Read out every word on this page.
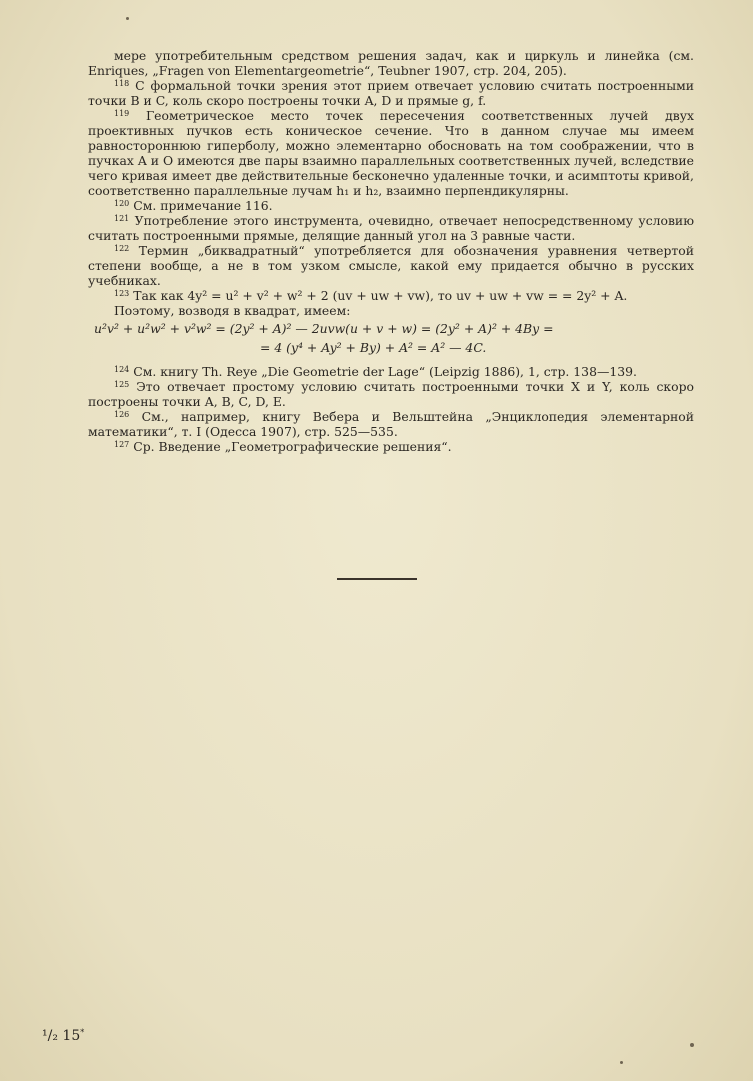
мере употребительным средством решения задач, как и циркуль и линейка (см. Enriques, „Fragen von Elementargeometrie“, Teubner 1907, стр. 204, 205).

$^{118}$ С формальной точки зрения этот прием отвечает условию считать построенными точки B и C, коль скоро построены точки A, D и прямые g, f.

$^{119}$ Геометрическое место точек пересечения соответственных лучей двух проективных пучков есть коническое сечение. Что в данном случае мы имеем равностороннюю гиперболу, можно элементарно обосновать на том соображении, что в пучках A и O имеются две пары взаимно параллельных соответственных лучей, вследствие чего кривая имеет две действительные бесконечно удаленные точки, и асимптоты кривой, соответственно параллельные лучам h₁ и h₂, взаимно перпендикулярны.

$^{120}$ См. примечание 116.

$^{121}$ Употребление этого инструмента, очевидно, отвечает непосредственному условию считать построенными прямые, делящие данный угол на 3 равные части.

$^{122}$ Термин „биквадратный“ употребляется для обозначения уравнения четвертой степени вообще, а не в том узком смысле, какой ему придается обычно в русских учебниках.

$^{123}$ Так как 4y² = u² + v² + w² + 2 (uv + uw + vw), то uv + uw + vw = = 2y² + A.

Поэтому, возводя в квадрат, имеем:

u²v² + u²w² + v²w² = (2y² + A)² — 2uvw(u + v + w) = (2y² + A)² + 4By =
= 4 (y⁴ + Ay² + By) + A² = A² — 4C.

$^{124}$ См. книгу Th. Reye „Die Geometrie der Lage“ (Leipzig 1886), 1, стр. 138—139.

$^{125}$ Это отвечает простому условию считать построенными точки X и Y, коль скоро построены точки A, B, C, D, E.

$^{126}$ См., например, книгу Вебера и Вельштейна „Энциклопедия элементарной математики“, т. I (Одесса 1907), стр. 525—535.

$^{127}$ Ср. Введение „Геометрографические решения“.

¹/₂ 15*
